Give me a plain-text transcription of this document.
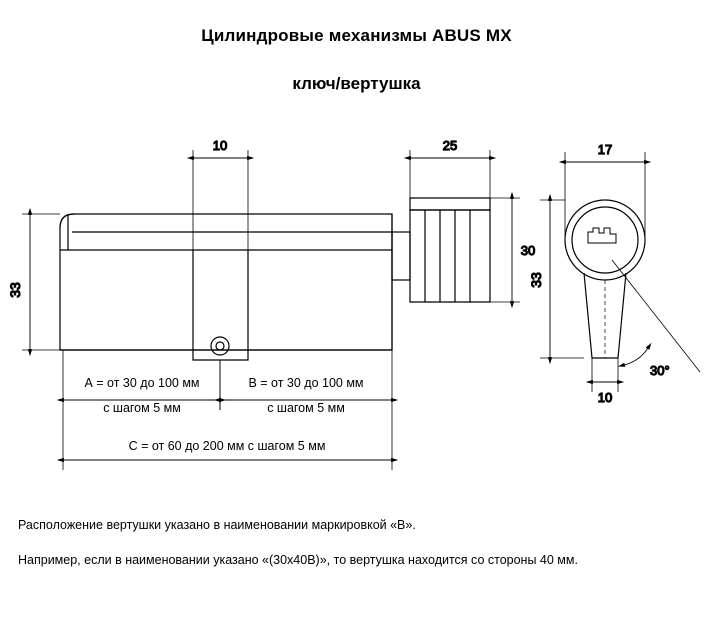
Цилиндровые механизмы ABUS MX
ключ/вертушка
10	25
30
33
17
33
10
30°
А = от 30 до 100 мм
с шагом 5 мм
В = от 30 до 100 мм
с шагом 5 мм
С = от 60 до 200 мм с шагом 5 мм
Расположение вертушки указано в наименовании маркировкой «В».
Например, если в наименовании указано «(30x40В)», то вертушка находится со стороны 40 мм.
